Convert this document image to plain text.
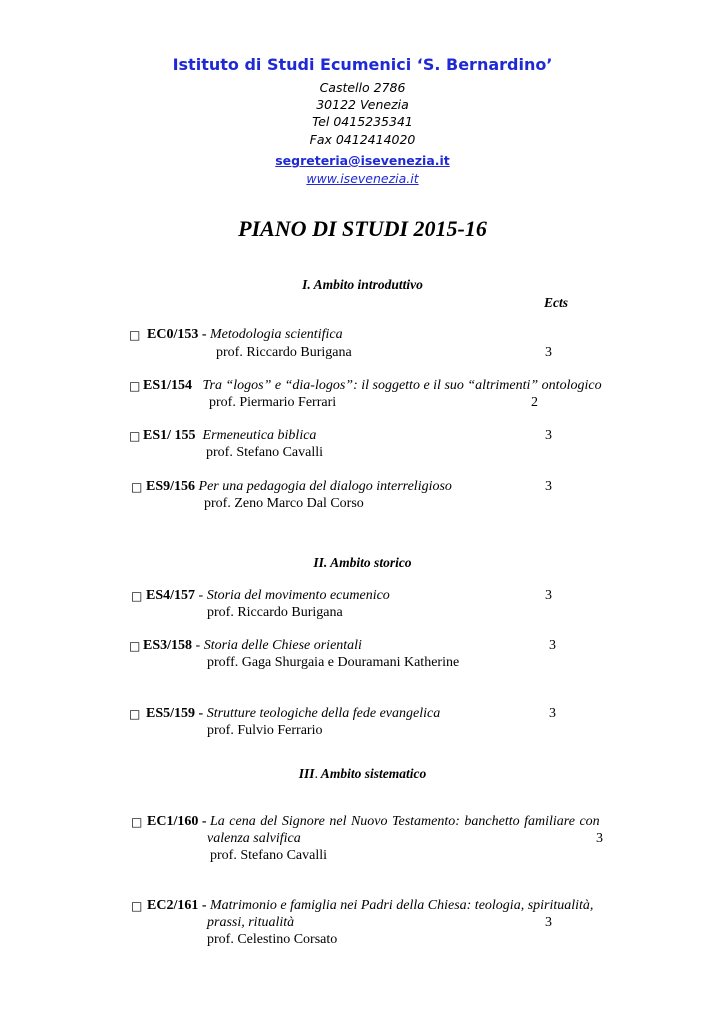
Istituto di Studi Ecumenici ‘S. Bernardino’
Castello 2786
30122 Venezia
Tel 0415235341
Fax 0412414020
segreteria@isevenezia.it
www.isevenezia.it
PIANO DI STUDI 2015-16
I. Ambito introduttivo
Ects
□ EC0/153 - Metodologia scientifica
prof. Riccardo Burigana	3
□ ES1/154 Tra “logos” e “dia-logos”: il soggetto e il suo “altrimenti” ontologico
prof. Piermario Ferrari	2
□ ES1/ 155 Ermeneutica biblica
prof. Stefano Cavalli
3
□ ES9/156 Per una pedagogia del dialogo interreligioso
prof. Zeno Marco Dal Corso
3
II. Ambito storico
□ ES4/157 - Storia del movimento ecumenico
prof. Riccardo Burigana
3
□ ES3/158 - Storia delle Chiese orientali
proff. Gaga Shurgaia e Douramani Katherine
3
□ ES5/159 - Strutture teologiche della fede evangelica
prof. Fulvio Ferrario
3
III. Ambito sistematico
□ EC1/160 - La cena del Signore nel Nuovo Testamento: banchetto familiare con
valenza salvifica	3
prof. Stefano Cavalli
□ EC2/161 - Matrimonio e famiglia nei Padri della Chiesa: teologia, spiritualità,
prassi, ritualità	3
prof. Celestino Corsato
